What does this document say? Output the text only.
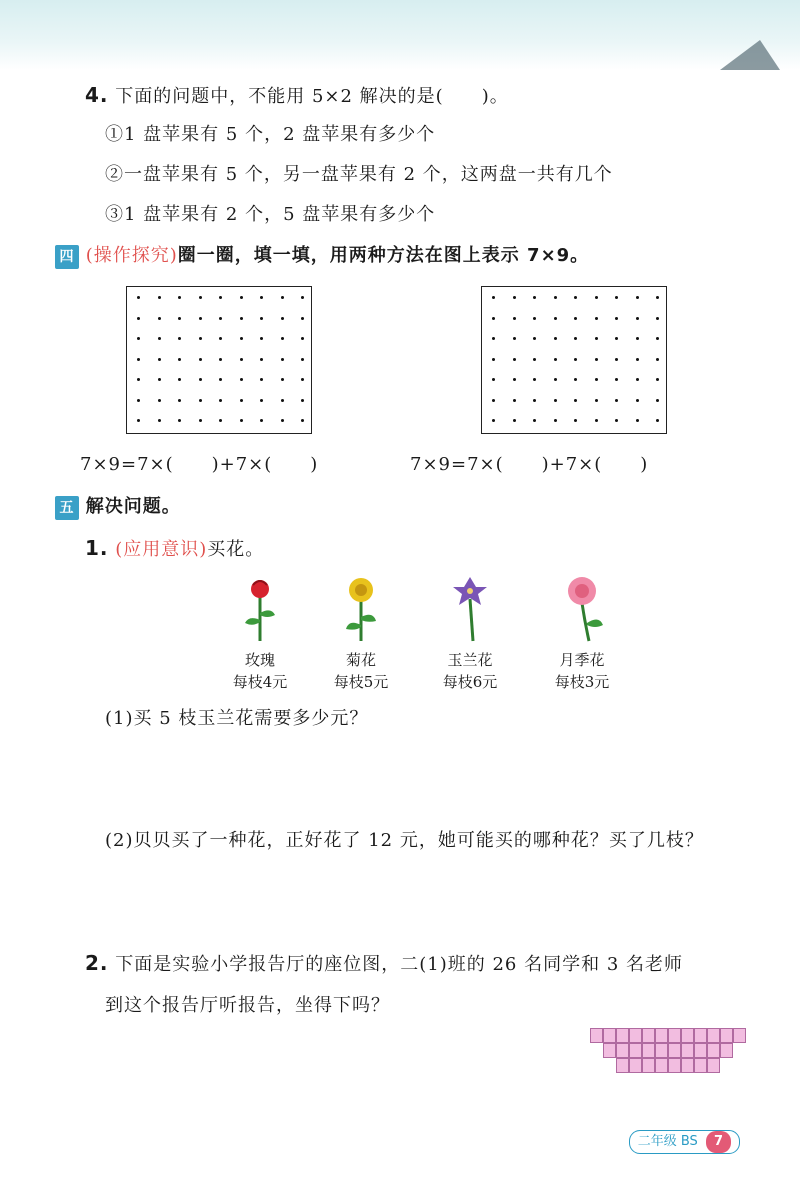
4. 下面的问题中，不能用 5×2 解决的是(　　)。
①1 盘苹果有 5 个，2 盘苹果有多少个
②一盘苹果有 5 个，另一盘苹果有 2 个，这两盘一共有几个
③1 盘苹果有 2 个，5 盘苹果有多少个
四 (操作探究)圈一圈，填一填，用两种方法在图上表示 7×9。
7×9=7×(　　)+7×(　　)	7×9=7×(　　)+7×(　　)
五 解决问题。
1. (应用意识)买花。
玫瑰
每枝4元
菊花
每枝5元
玉兰花
每枝6元
月季花
每枝3元
(1)买 5 枝玉兰花需要多少元？
(2)贝贝买了一种花，正好花了 12 元，她可能买的哪种花？买了几枝？
2. 下面是实验小学报告厅的座位图，二(1)班的 26 名同学和 3 名老师
到这个报告厅听报告，坐得下吗？
二年级 BS 7
